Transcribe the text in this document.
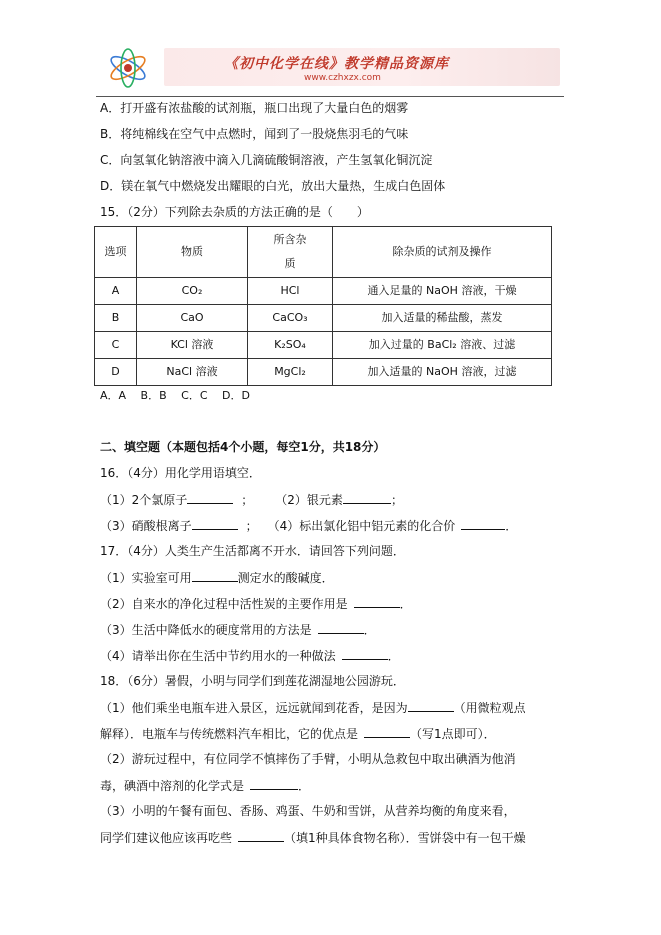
《初中化学在线》教学精品资源库
www.czhxzx.com
A．打开盛有浓盐酸的试剂瓶，瓶口出现了大量白色的烟雾
B．将纯棉线在空气中点燃时，闻到了一股烧焦羽毛的气味
C．向氢氧化钠溶液中滴入几滴硫酸铜溶液，产生氢氧化铜沉淀
D．镁在氧气中燃烧发出耀眼的白光，放出大量热，生成白色固体
15．（2分）下列除去杂质的方法正确的是（　　）
选项	物质	所含杂质	除杂质的试剂及操作
A	CO₂	HCl	通入足量的 NaOH 溶液，干燥
B	CaO	CaCO₃	加入适量的稀盐酸，蒸发
C	KCl 溶液	K₂SO₄	加入过量的 BaCl₂ 溶液、过滤
D	NaCl 溶液	MgCl₂	加入适量的 NaOH 溶液，过滤
A．A　 B．B　 C．C　 D．D
二、填空题（本题包括4个小题，每空1分，共18分）
16．（4分）用化学用语填空．
（1）2个氯原子	； （2）银元素	；
（3）硝酸根离子	； （4）标出氯化铝中铝元素的化合价	．
17．（4分）人类生产生活都离不开水．请回答下列问题．
（1）实验室可用	测定水的酸碱度．
（2）自来水的净化过程中活性炭的主要作用是	．
（3）生活中降低水的硬度常用的方法是	．
（4）请举出你在生活中节约用水的一种做法	．
18．（6分）暑假，小明与同学们到莲花湖湿地公园游玩．
（1）他们乘坐电瓶车进入景区，远远就闻到花香，是因为	（用微粒观点
解释）．电瓶车与传统燃料汽车相比，它的优点是	（写1点即可）．
（2）游玩过程中，有位同学不慎摔伤了手臂，小明从急救包中取出碘酒为他消
毒，碘酒中溶剂的化学式是	．
（3）小明的午餐有面包、香肠、鸡蛋、牛奶和雪饼，从营养均衡的角度来看，
同学们建议他应该再吃些	（填1种具体食物名称）．雪饼袋中有一包干燥
